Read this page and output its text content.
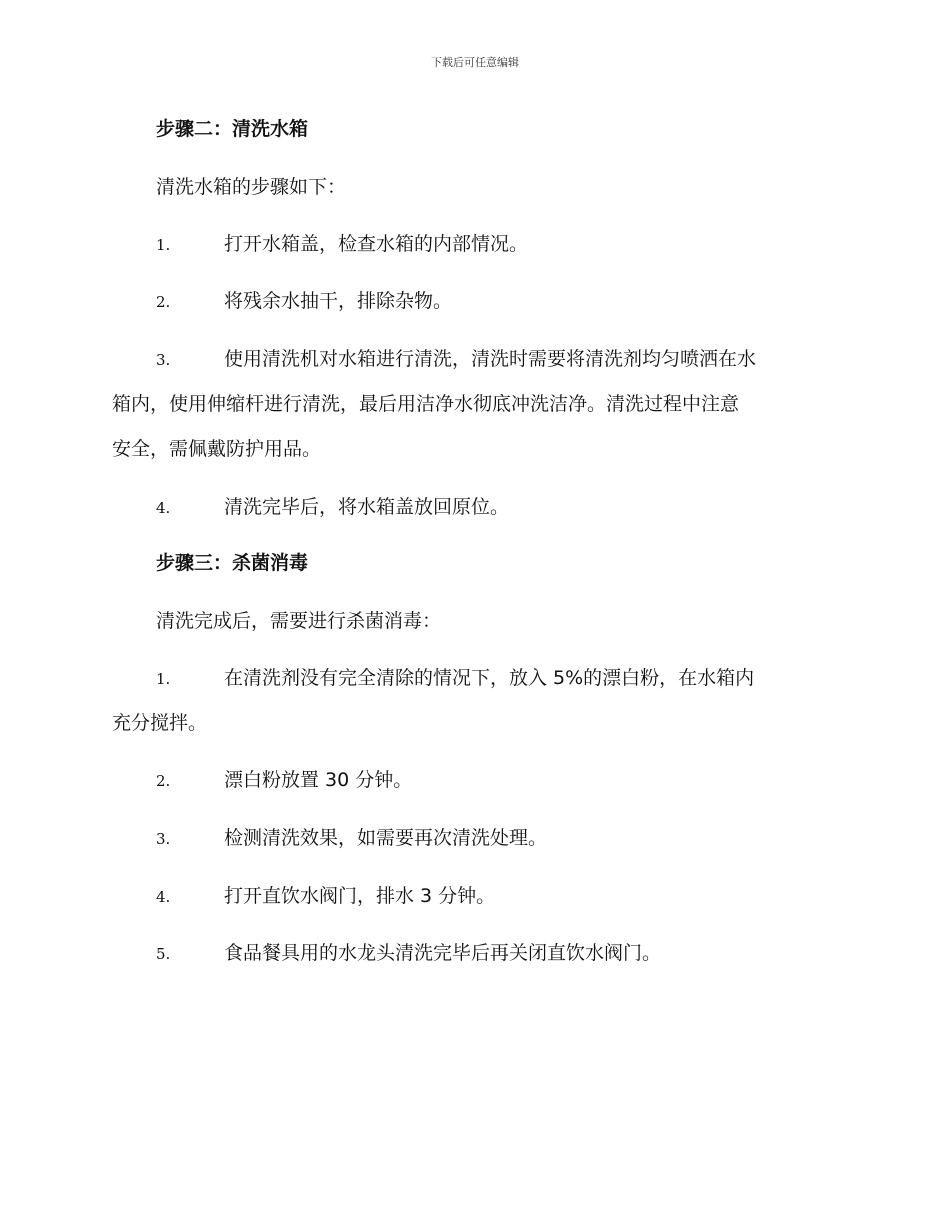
下载后可任意编辑
步骤二：清洗水箱
清洗水箱的步骤如下：
1.	打开水箱盖，检查水箱的内部情况。
2.	将残余水抽干，排除杂物。
3.	使用清洗机对水箱进行清洗，清洗时需要将清洗剂均匀喷洒在水
箱内，使用伸缩杆进行清洗，最后用洁净水彻底冲洗洁净。清洗过程中注意
安全，需佩戴防护用品。
4.	清洗完毕后，将水箱盖放回原位。
步骤三：杀菌消毒
清洗完成后，需要进行杀菌消毒：
1.	在清洗剂没有完全清除的情况下，放入 5%的漂白粉，在水箱内
充分搅拌。
2.	漂白粉放置 30 分钟。
3.	检测清洗效果，如需要再次清洗处理。
4.	打开直饮水阀门，排水 3 分钟。
5.	食品餐具用的水龙头清洗完毕后再关闭直饮水阀门。
